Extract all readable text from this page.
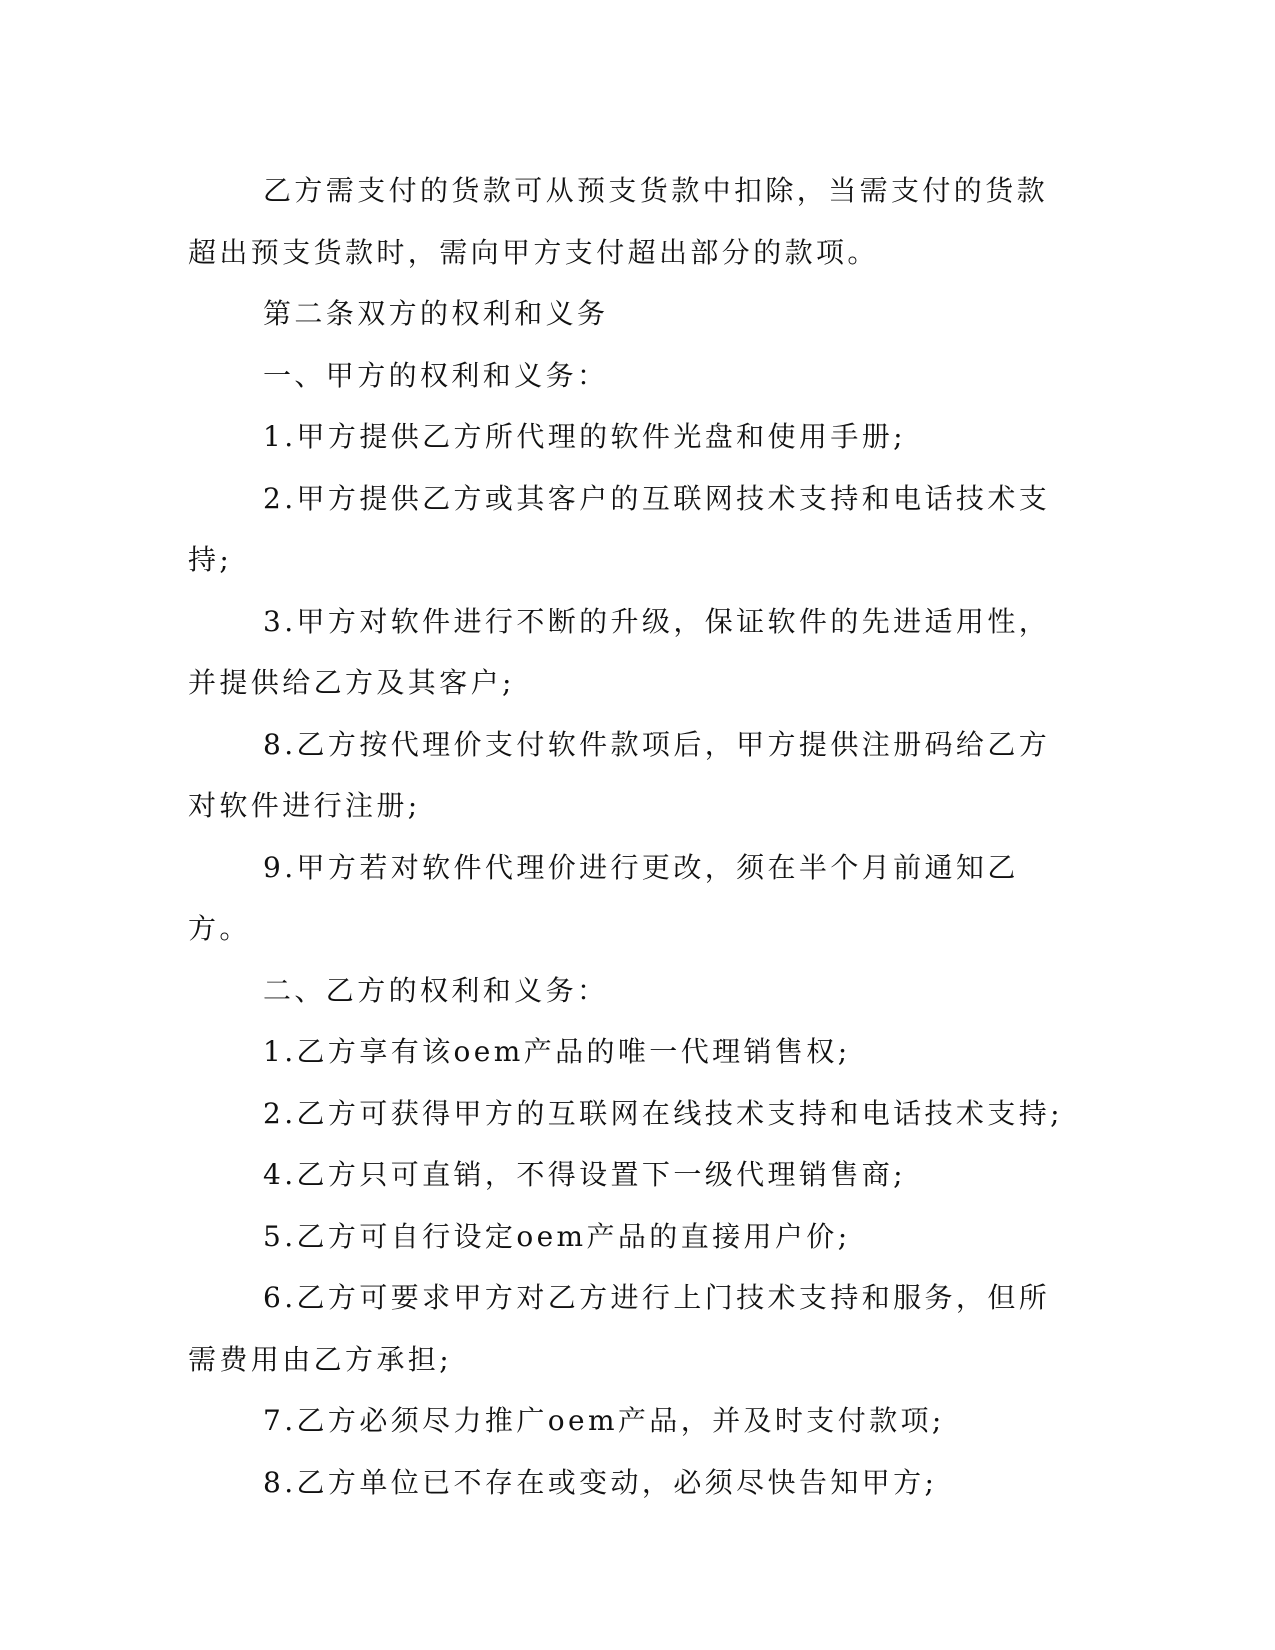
乙方需支付的货款可从预支货款中扣除，当需支付的货款超出预支货款时，需向甲方支付超出部分的款项。

第二条双方的权利和义务

一、甲方的权利和义务：

1.甲方提供乙方所代理的软件光盘和使用手册;

2.甲方提供乙方或其客户的互联网技术支持和电话技术支持;

3.甲方对软件进行不断的升级，保证软件的先进适用性，并提供给乙方及其客户;

8.乙方按代理价支付软件款项后，甲方提供注册码给乙方对软件进行注册;

9.甲方若对软件代理价进行更改，须在半个月前通知乙方。

二、乙方的权利和义务：

1.乙方享有该oem产品的唯一代理销售权;

2.乙方可获得甲方的互联网在线技术支持和电话技术支持;

4.乙方只可直销，不得设置下一级代理销售商;

5.乙方可自行设定oem产品的直接用户价;

6.乙方可要求甲方对乙方进行上门技术支持和服务，但所需费用由乙方承担;

7.乙方必须尽力推广oem产品，并及时支付款项;

8.乙方单位已不存在或变动，必须尽快告知甲方;
